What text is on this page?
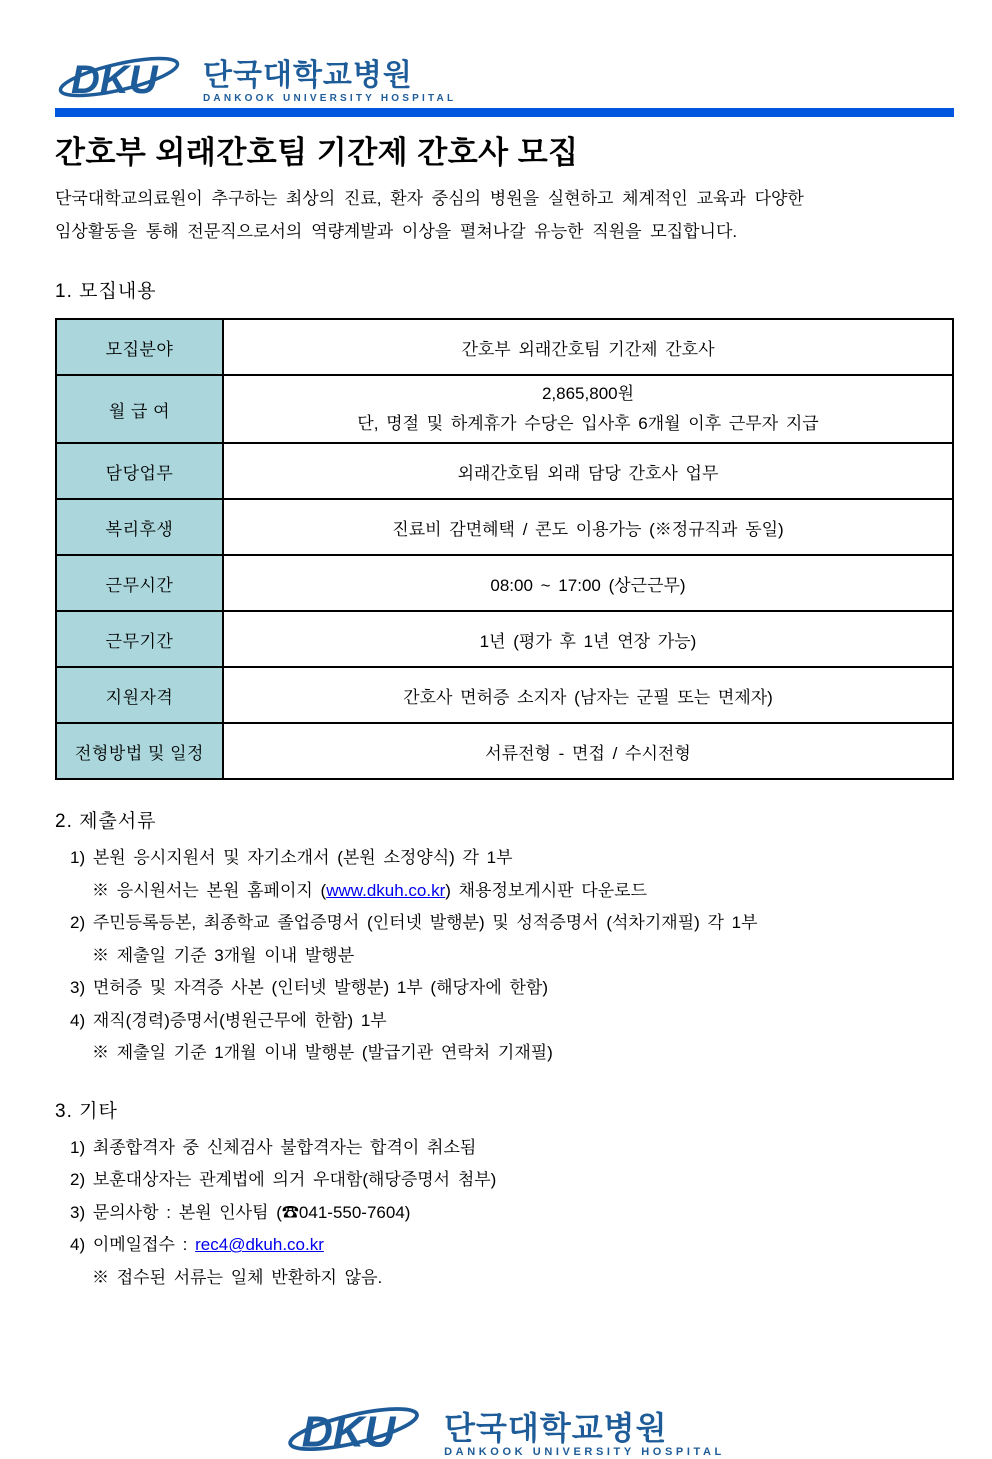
DKU 단국대학교병원
DANKOOK UNIVERSITY HOSPITAL
간호부 외래간호팀 기간제 간호사 모집

단국대학교의료원이 추구하는 최상의 진료, 환자 중심의 병원을 실현하고 체계적인 교육과 다양한
임상활동을 통해 전문직으로서의 역량계발과 이상을 펼쳐나갈 유능한 직원을 모집합니다.

1. 모집내용
모집분야	간호부 외래간호팀 기간제 간호사
월 급 여	2,865,800원
단, 명절 및 하계휴가 수당은 입사후 6개월 이후 근무자 지급

담당업무	외래간호팀 외래 담당 간호사 업무
복리후생	진료비 감면혜택 / 콘도 이용가능 (※정규직과 동일)
근무시간	08:00 ~ 17:00 (상근근무)
근무기간	1년 (평가 후 1년 연장 가능)
지원자격	간호사 면허증 소지자 (남자는 군필 또는 면제자)
전형방법 및 일정	서류전형 - 면접 / 수시전형
2. 제출서류
1) 본원 응시지원서 및 자기소개서 (본원 소정양식) 각 1부
※ 응시원서는 본원 홈페이지 (www.dkuh.co.kr) 채용정보게시판 다운로드
2) 주민등록등본, 최종학교 졸업증명서 (인터넷 발행분) 및 성적증명서 (석차기재필) 각 1부
※ 제출일 기준 3개월 이내 발행분
3) 면허증 및 자격증 사본 (인터넷 발행분) 1부 (해당자에 한함)
4) 재직(경력)증명서(병원근무에 한함) 1부
※ 제출일 기준 1개월 이내 발행분 (발급기관 연락처 기재필)
3. 기타
1) 최종합격자 중 신체검사 불합격자는 합격이 취소됨
2) 보훈대상자는 관계법에 의거 우대함(해당증명서 첨부)
3) 문의사항 : 본원 인사팀 (☎041-550-7604)
4) 이메일접수 : rec4@dkuh.co.kr
※ 접수된 서류는 일체 반환하지 않음.
DKU 단국대학교병원
DANKOOK UNIVERSITY HOSPITAL
